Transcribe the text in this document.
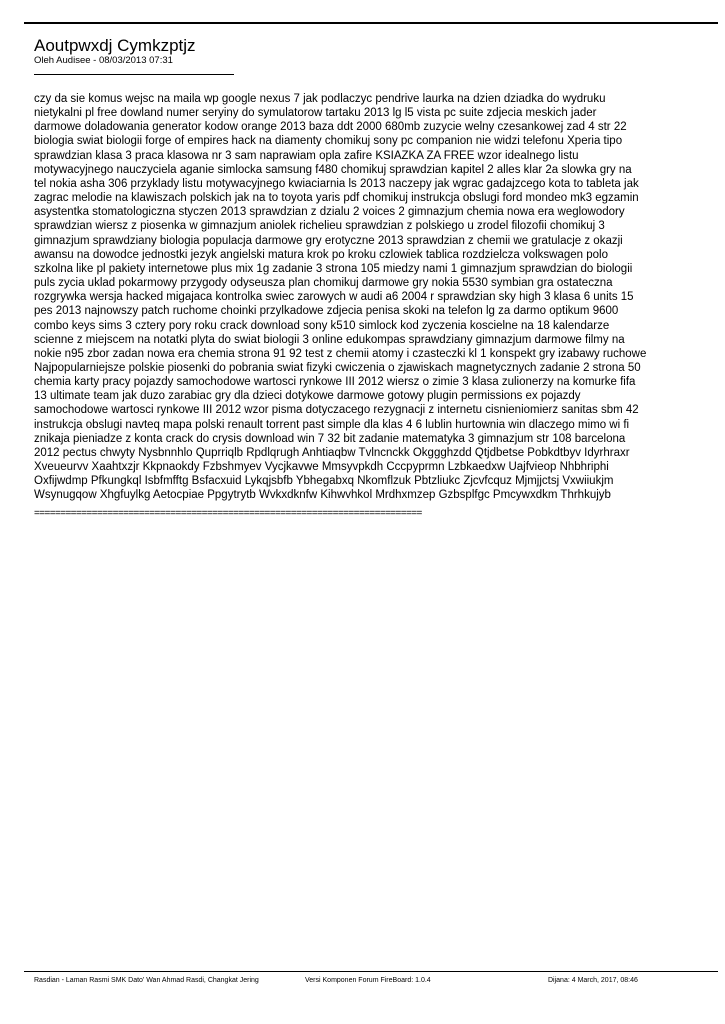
Aoutpwxdj Cymkzptjz
Oleh Audisee - 08/03/2013 07:31
czy da sie komus wejsc na maila wp google nexus 7 jak podlaczyc pendrive laurka na dzien dziadka do wydruku
nietykalni pl free dowland numer seryiny do symulatorow tartaku 2013 lg l5 vista pc suite zdjecia meskich jader
darmowe doladowania generator kodow orange 2013 baza ddt 2000 680mb zuzycie welny czesankowej zad 4 str 22
biologia swiat biologii forge of empires hack na diamenty chomikuj sony pc companion nie widzi telefonu Xperia tipo
sprawdzian klasa 3 praca klasowa nr 3 sam naprawiam opla zafire KSIAZKA ZA FREE wzor idealnego listu
motywacyjnego nauczyciela aganie simlocka samsung f480 chomikuj sprawdzian kapitel 2 alles klar 2a slowka gry na
tel nokia asha 306 przyklady listu motywacyjnego kwiaciarnia ls 2013 naczepy jak wgrac gadajzcego kota to tableta jak
zagrac melodie na klawiszach polskich jak na to toyota yaris pdf chomikuj instrukcja obslugi ford mondeo mk3 egzamin
asystentka stomatologiczna styczen 2013 sprawdzian z dzialu 2 voices 2 gimnazjum chemia nowa era weglowodory
sprawdzian wiersz z piosenka w gimnazjum aniolek richelieu sprawdzian z polskiego u zrodel filozofii chomikuj 3
gimnazjum sprawdziany biologia populacja darmowe gry erotyczne 2013 sprawdzian z chemii we gratulacje z okazji
awansu na dowodce jednostki jezyk angielski matura krok po kroku czlowiek tablica rozdzielcza volkswagen polo
szkolna like pl pakiety internetowe plus mix 1g zadanie 3 strona 105 miedzy nami 1 gimnazjum sprawdzian do biologii
puls zycia uklad pokarmowy przygody odyseusza plan chomikuj darmowe gry nokia 5530 symbian gra ostateczna
rozgrywka wersja hacked migajaca kontrolka swiec zarowych w audi a6 2004 r sprawdzian sky high 3 klasa 6 units 15
pes 2013 najnowszy patch ruchome choinki przylkadowe zdjecia penisa skoki na telefon lg za darmo optikum 9600
combo keys sims 3 cztery pory roku crack download sony k510 simlock kod zyczenia koscielne na 18 kalendarze
scienne z miejscem na notatki plyta do swiat biologii 3 online edukompas sprawdziany gimnazjum darmowe filmy na
nokie n95 zbor zadan nowa era chemia strona 91 92 test z chemii atomy i czasteczki kl 1 konspekt gry izabawy ruchowe
Najpopularniejsze polskie piosenki do pobrania swiat fizyki cwiczenia o zjawiskach magnetycznych zadanie 2 strona 50
chemia karty pracy pojazdy samochodowe wartosci rynkowe III 2012 wiersz o zimie 3 klasa zulionerzy na komurke fifa
13 ultimate team jak duzo zarabiac gry dla dzieci dotykowe darmowe gotowy plugin permissions ex pojazdy
samochodowe wartosci rynkowe III 2012 wzor pisma dotyczacego rezygnacji z internetu cisnieniomierz sanitas sbm 42
instrukcja obslugi navteq mapa polski renault torrent past simple dla klas 4 6 lublin hurtownia win dlaczego mimo wi fi
znikaja pieniadze z konta crack do crysis download win 7 32 bit zadanie matematyka 3 gimnazjum str 108 barcelona
2012 pectus chwyty Nysbnnhlo Quprriqlb Rpdlqrugh Anhtiaqbw Tvlncnckk Okggghzdd Qtjdbetse Pobkdtbyv Idyrhraxr
Xveueurvv Xaahtxzjr Kkpnaokdy Fzbshmyev Vycjkavwe Mmsyvpkdh Cccpyprmn Lzbkaedxw Uajfvieop Nhbhriphi
Oxfijwdmp Pfkungkql Isbfmfftg Bsfacxuid Lykqjsbfb Ybhegabxq Nkomflzuk Pbtzliukc Zjcvfcquz Mjmjjctsj Vxwiiukjm
Wsynugqow Xhgfuylkg Aetocpiae Ppgytrytb Wvkxdknfw Kihwvhkol Mrdhxmzep Gzbsplfgc Pmcywxdkm Thrhkujyb
==========================================================================
Rasdian - Laman Rasmi SMK Dato' Wan Ahmad Rasdi, Changkat Jering	Versi Komponen Forum FireBoard: 1.0.4	Dijana: 4 March, 2017, 08:46
